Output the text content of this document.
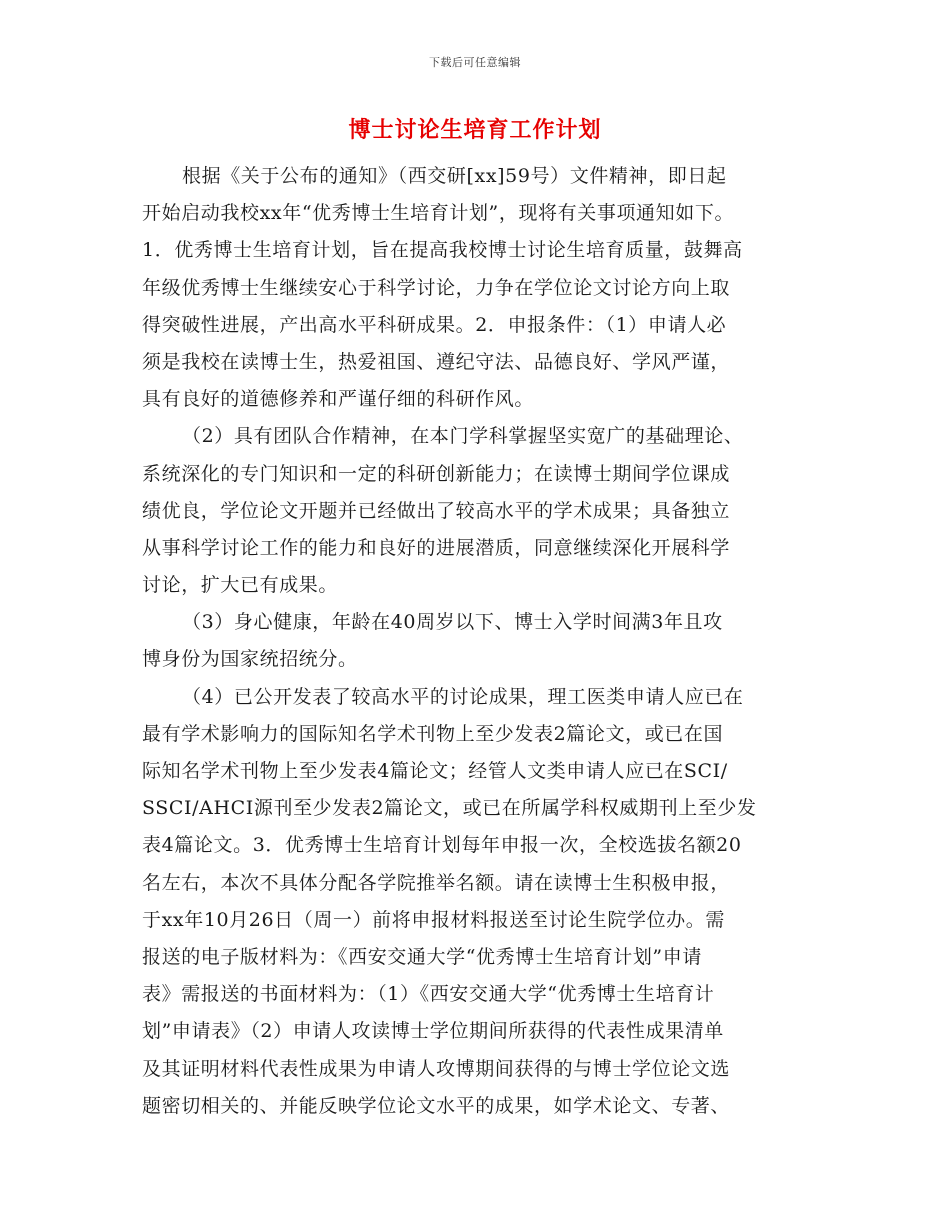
下载后可任意编辑
博士讨论生培育工作计划
根据《关于公布的通知》（西交研[xx]59号）文件精神，即日起
开始启动我校xx年“优秀博士生培育计划”，现将有关事项通知如下。
1．优秀博士生培育计划，旨在提高我校博士讨论生培育质量，鼓舞高
年级优秀博士生继续安心于科学讨论，力争在学位论文讨论方向上取
得突破性进展，产出高水平科研成果。2．申报条件：（1）申请人必
须是我校在读博士生，热爱祖国、遵纪守法、品德良好、学风严谨，
具有良好的道德修养和严谨仔细的科研作风。
（2）具有团队合作精神，在本门学科掌握坚实宽广的基础理论、
系统深化的专门知识和一定的科研创新能力；在读博士期间学位课成
绩优良，学位论文开题并已经做出了较高水平的学术成果；具备独立
从事科学讨论工作的能力和良好的进展潜质，同意继续深化开展科学
讨论，扩大已有成果。
（3）身心健康，年龄在40周岁以下、博士入学时间满3年且攻
博身份为国家统招统分。
（4）已公开发表了较高水平的讨论成果，理工医类申请人应已在
最有学术影响力的国际知名学术刊物上至少发表2篇论文，或已在国
际知名学术刊物上至少发表4篇论文；经管人文类申请人应已在SCI/
SSCI/AHCI源刊至少发表2篇论文，或已在所属学科权威期刊上至少发
表4篇论文。3．优秀博士生培育计划每年申报一次，全校选拔名额20
名左右，本次不具体分配各学院推举名额。请在读博士生积极申报，
于xx年10月26日（周一）前将申报材料报送至讨论生院学位办。需
报送的电子版材料为：《西安交通大学“优秀博士生培育计划”申请
表》需报送的书面材料为：（1）《西安交通大学“优秀博士生培育计
划”申请表》（2）申请人攻读博士学位期间所获得的代表性成果清单
及其证明材料代表性成果为申请人攻博期间获得的与博士学位论文选
题密切相关的、并能反映学位论文水平的成果，如学术论文、专著、
